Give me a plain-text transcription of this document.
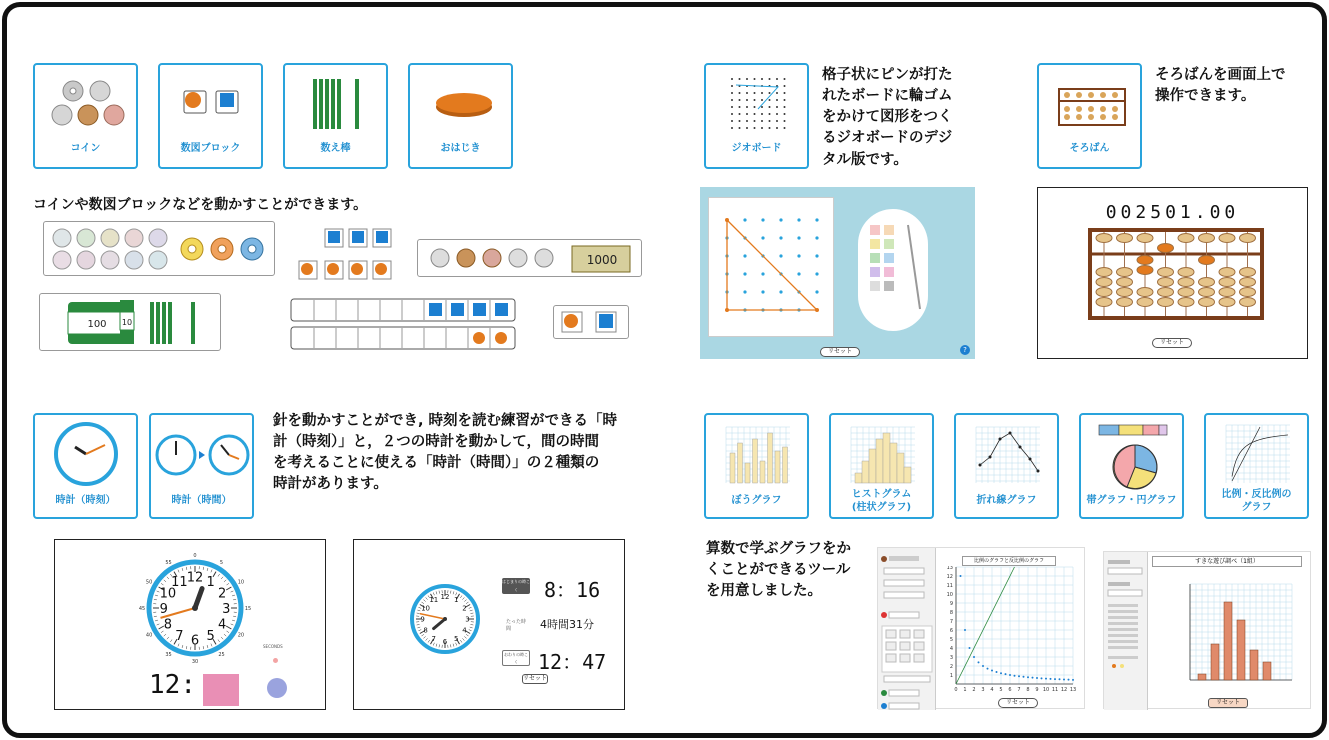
コイン	数図ブロック	数え棒	おはじき
コインや数図ブロックなどを動かすことができます。
100 10
1000
ジオボード
格子状にピンが打た
れたボードに輪ゴム
をかけて図形をつく
るジオボードのデジ
タル版です。
そろばん
そろばんを画面上で
操作できます。
リセット	?
002501.00
リセット
時計（時刻）	時計（時間）
針を動かすことができ, 時刻を読む練習ができる「時
計（時刻）」と，２つの時計を動かして，間の時間
を考えることに使える「時計（時間）」の２種類の
時計があります。
12 1
2
3
4
5
6
7
8
9
10
11
0
5
10
15
20
25
30
35
40
45
50
55
12:
SECONDS
12 1
2
3
4
5
6
7
8
9
10
11
はじまりの時こく	8：16
たった時間	4時間31分
おわりの時こく	12：47
リセット
ぼうグラフ
ヒストグラム
(柱状グラフ)
折れ線グラフ	帯グラフ・円グラフ
比例・反比例の
グラフ
算数で学ぶグラフをか
くことができるツール
を用意しました。
比例のグラフと反比例のグラフ
0 1
1
2
2
3
3
4
4
5
5
6
6
7
7
8
8
9
9
10
10
11
11
12
12
13
13
リセット
すきな遊び調べ（1組）
リセット
